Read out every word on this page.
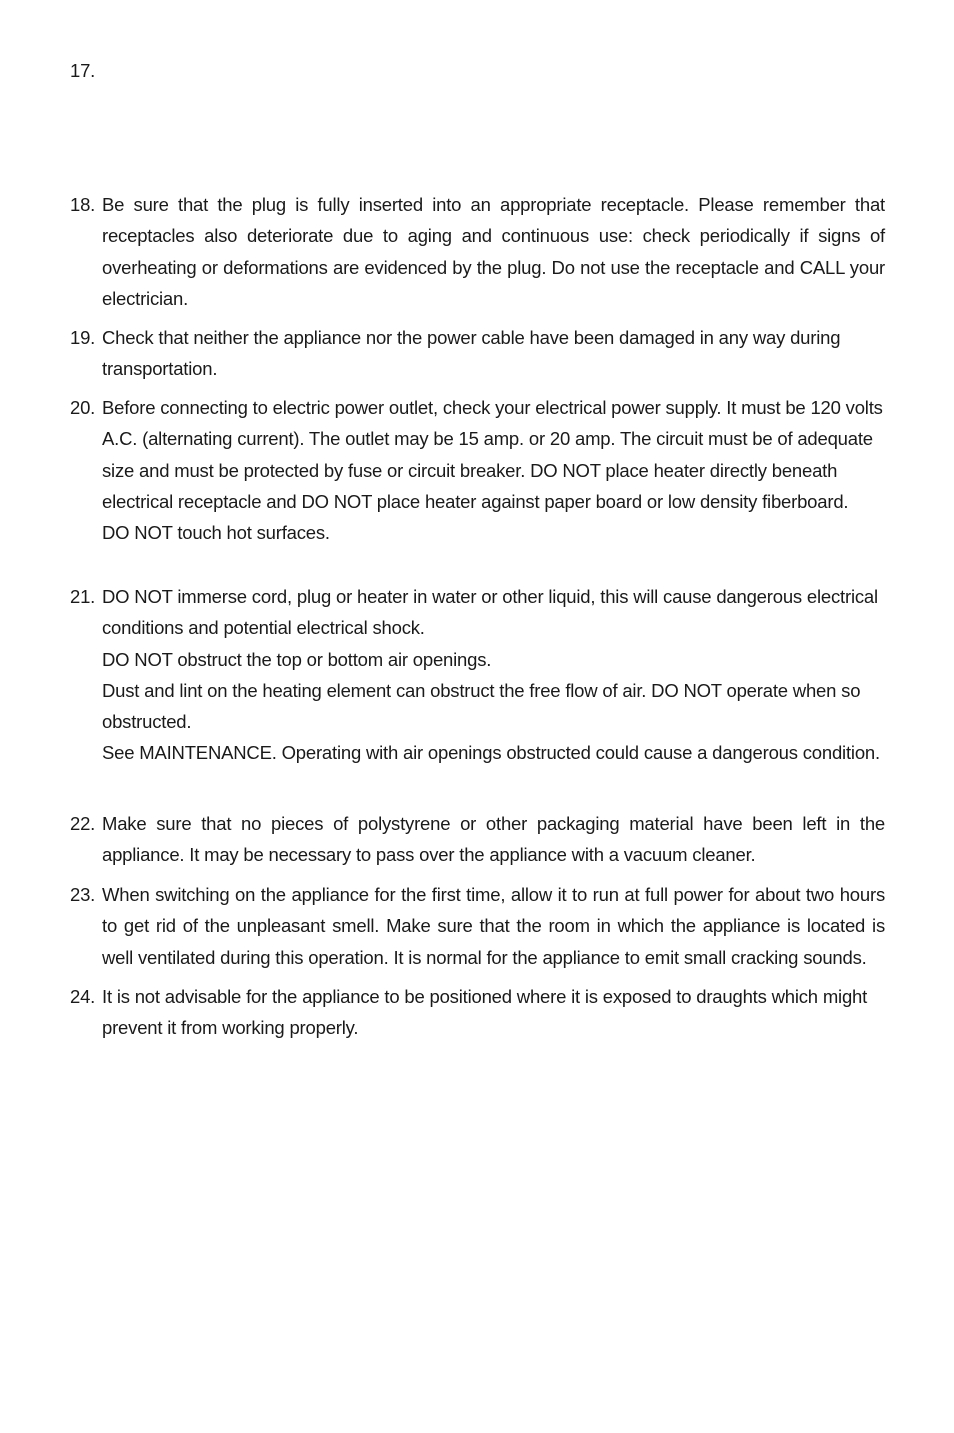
17.
18. Be sure that the plug is fully inserted into an appropriate receptacle. Please remember that receptacles also deteriorate due to aging and continuous use: check periodically if signs of overheating or deformations are evidenced by the plug. Do not use the receptacle and CALL your electrician.
19. Check that neither the appliance nor the power cable have been damaged in any way during transportation.
20. Before connecting to electric power outlet, check your electrical power supply. It must be 120 volts A.C. (alternating current). The outlet may be 15 amp. or 20 amp. The circuit must be of adequate size and must be protected by fuse or circuit breaker. DO NOT place heater directly beneath electrical receptacle and DO NOT place heater against paper board or low density fiberboard.
DO NOT touch hot surfaces.
21. DO NOT immerse cord, plug or heater in water or other liquid, this will cause dangerous electrical conditions and potential electrical shock.
DO NOT obstruct the top or bottom air openings.
Dust and lint on the heating element can obstruct the free flow of air. DO NOT operate when so obstructed.
See MAINTENANCE. Operating with air openings obstructed could cause a dangerous condition.
22. Make sure that no pieces of polystyrene or other packaging material have been left in the appliance. It may be necessary to pass over the appliance with a vacuum cleaner.
23. When switching on the appliance for the first time, allow it to run at full power for about two hours to get rid of the unpleasant smell. Make sure that the room in which the appliance is located is well ventilated during this operation. It is normal for the appliance to emit small cracking sounds.
24. It is not advisable for the appliance to be positioned where it is exposed to draughts which might prevent it from working properly.
